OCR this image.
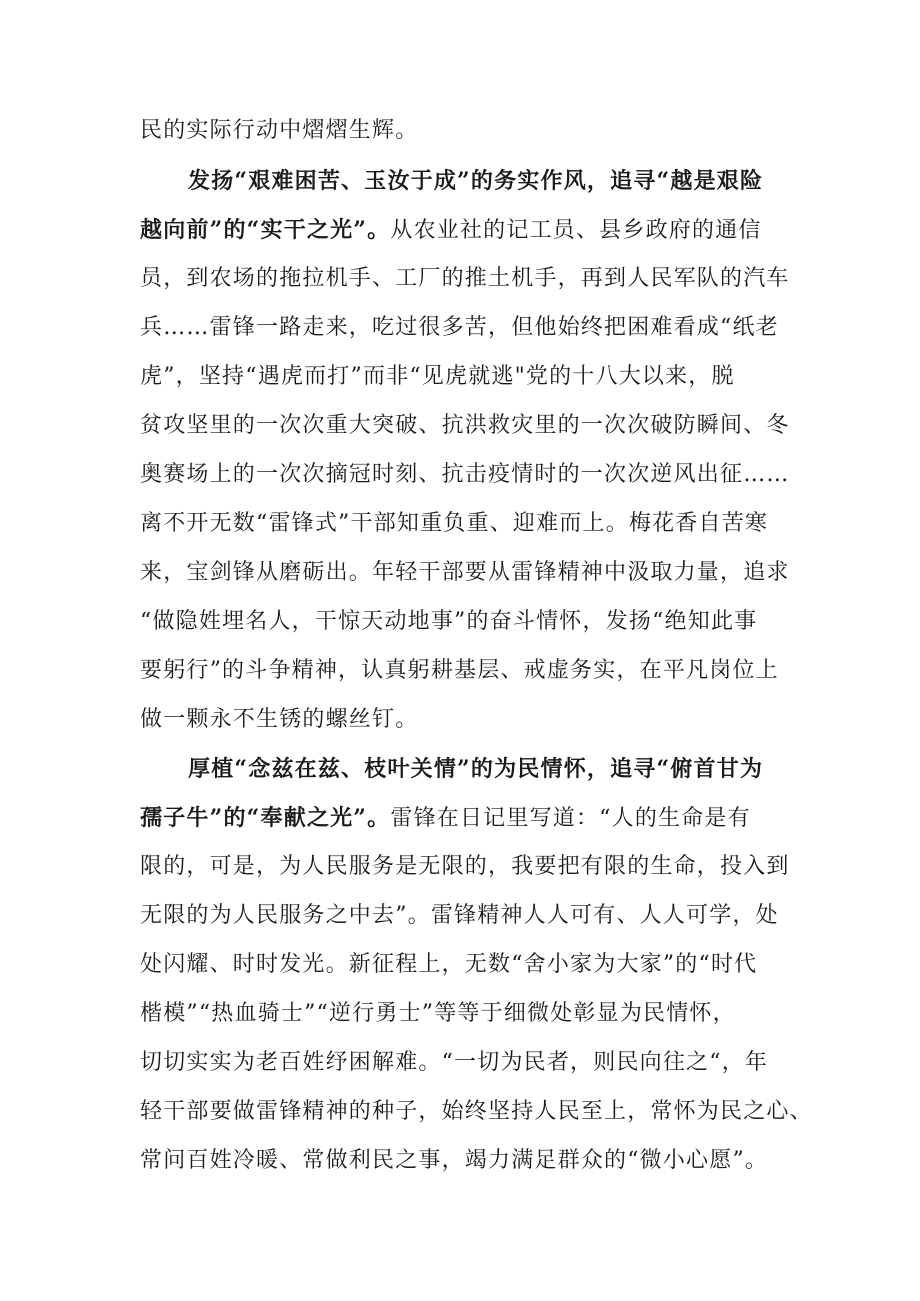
民的实际行动中熠熠生辉。
发扬“艰难困苦、玉汝于成”的务实作风，追寻“越是艰险
越向前”的“实干之光”。从农业社的记工员、县乡政府的通信
员，到农场的拖拉机手、工厂的推土机手，再到人民军队的汽车
兵……雷锋一路走来，吃过很多苦，但他始终把困难看成“纸老
虎”，坚持“遇虎而打”而非“见虎就逃"党的十八大以来，脱
贫攻坚里的一次次重大突破、抗洪救灾里的一次次破防瞬间、冬
奥赛场上的一次次摘冠时刻、抗击疫情时的一次次逆风出征……
离不开无数“雷锋式”干部知重负重、迎难而上。梅花香自苦寒
来，宝剑锋从磨砺出。年轻干部要从雷锋精神中汲取力量，追求
“做隐姓埋名人，干惊天动地事”的奋斗情怀，发扬“绝知此事
要躬行”的斗争精神，认真躬耕基层、戒虚务实，在平凡岗位上
做一颗永不生锈的螺丝钉。
厚植“念兹在兹、枝叶关情”的为民情怀，追寻“俯首甘为
孺子牛”的“奉献之光”。雷锋在日记里写道：“人的生命是有
限的，可是，为人民服务是无限的，我要把有限的生命，投入到
无限的为人民服务之中去”。雷锋精神人人可有、人人可学，处
处闪耀、时时发光。新征程上，无数“舍小家为大家”的“时代
楷模”“热血骑士”“逆行勇士”等等于细微处彰显为民情怀，
切切实实为老百姓纾困解难。“一切为民者，则民向往之“，年
轻干部要做雷锋精神的种子，始终坚持人民至上，常怀为民之心、
常问百姓冷暖、常做利民之事，竭力满足群众的“微小心愿”。
